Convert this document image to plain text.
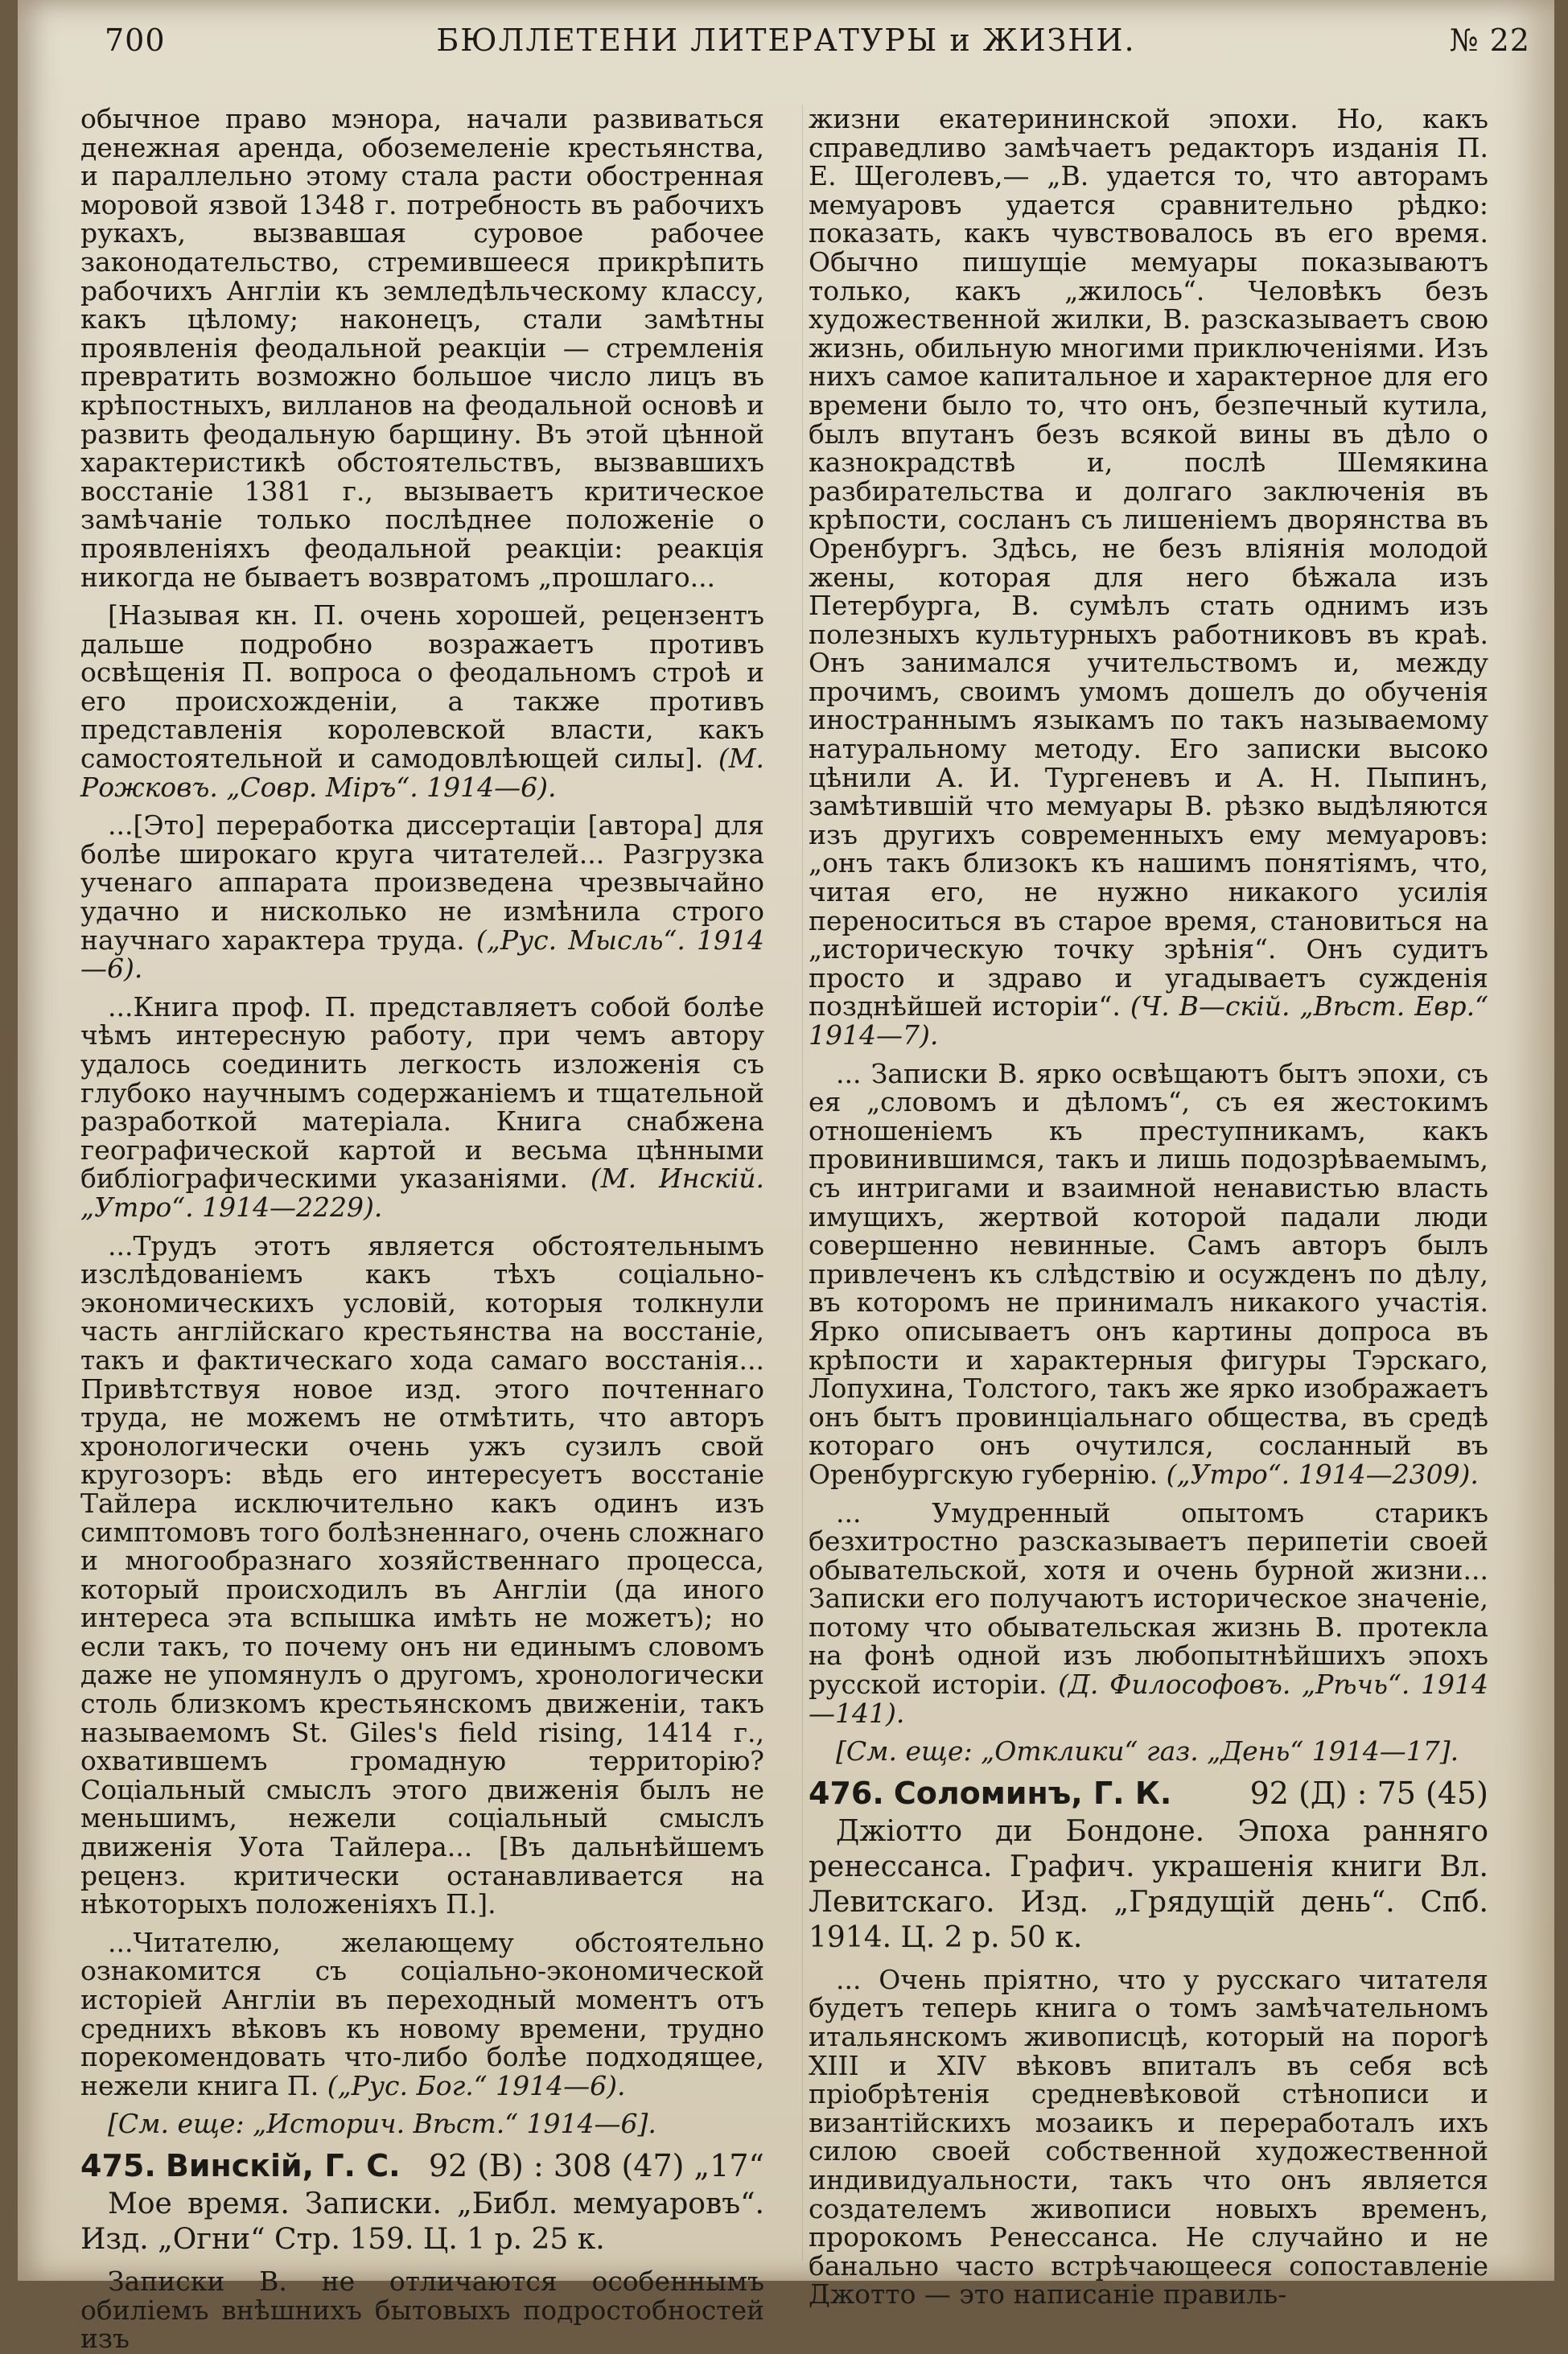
700	БЮЛЛЕТЕНИ ЛИТЕРАТУРЫ и ЖИЗНИ.	№ 22

обычное право мэнора, начали развиваться денежная аренда, обоземеленіе крестьянства, и параллельно этому стала расти обостренная моровой язвой 1348 г. потребность въ рабочихъ рукахъ, вызвавшая суровое рабочее законодательство, стремившееся прикрѣпить рабочихъ Англіи къ земледѣльческому классу, какъ цѣлому; наконецъ, стали замѣтны проявленія феодальной реакціи — стремленія превратить возможно большое число лицъ въ крѣпостныхъ, вилланов на феодальной основѣ и развить феодальную барщину. Въ этой цѣнной характеристикѣ обстоятельствъ, вызвавшихъ восстаніе 1381 г., вызываетъ критическое замѣчаніе только послѣднее положеніе о проявленіяхъ феодальной реакціи: реакція никогда не бываетъ возвратомъ „прошлаго...

[Называя кн. П. очень хорошей, рецензентъ дальше подробно возражаетъ противъ освѣщенія П. вопроса о феодальномъ строѣ и его происхожденіи, а также противъ представленія королевской власти, какъ самостоятельной и самодовлѣющей силы]. (М. Рожковъ. „Совр. Міръ“. 1914—6).

...[Это] переработка диссертаціи [автора] для болѣе широкаго круга читателей... Разгрузка ученаго аппарата произведена чрезвычайно удачно и нисколько не измѣнила строго научнаго характера труда. („Рус. Мысль“. 1914—6).

...Книга проф. П. представляетъ собой болѣе чѣмъ интересную работу, при чемъ автору удалось соединить легкость изложенія съ глубоко научнымъ содержаніемъ и тщательной разработкой матеріала. Книга снабжена географической картой и весьма цѣнными библіографическими указаніями. (М. Инскій. „Утро“. 1914—2229).

...Трудъ этотъ является обстоятельнымъ изслѣдованіемъ какъ тѣхъ соціально-экономическихъ условій, которыя толкнули часть англійскаго крестьянства на восстаніе, такъ и фактическаго хода самаго восстанія... Привѣтствуя новое изд. этого почтеннаго труда, не можемъ не отмѣтить, что авторъ хронологически очень ужъ сузилъ свой кругозоръ: вѣдь его интересуетъ восстаніе Тайлера исключительно какъ одинъ изъ симптомовъ того болѣзненнаго, очень сложнаго и многообразнаго хозяйственнаго процесса, который происходилъ въ Англіи (да иного интереса эта вспышка имѣть не можетъ); но если такъ, то почему онъ ни единымъ словомъ даже не упомянулъ о другомъ, хронологически столь близкомъ крестьянскомъ движеніи, такъ называемомъ St. Giles's field rising, 1414 г., охватившемъ громадную территорію? Соціальный смыслъ этого движенія былъ не меньшимъ, нежели соціальный смыслъ движенія Уота Тайлера... [Въ дальнѣйшемъ реценз. критически останавливается на нѣкоторыхъ положеніяхъ П.].

...Читателю, желающему обстоятельно ознакомится съ соціально-экономической исторіей Англіи въ переходный моментъ отъ среднихъ вѣковъ къ новому времени, трудно порекомендовать что-либо болѣе подходящее, нежели книга П. („Рус. Бог.“ 1914—6).

[См. еще: „Историч. Вѣст.“ 1914—6].

475. Винскій, Г. С. 92 (В) : 308 (47) „17“

Мое время. Записки. „Библ. мемуаровъ“. Изд. „Огни“ Стр. 159. Ц. 1 р. 25 к.

Записки В. не отличаются особеннымъ обиліемъ внѣшнихъ бытовыхъ подростобностей изъ

жизни екатерининской эпохи. Но, какъ справедливо замѣчаетъ редакторъ изданія П. Е. Щеголевъ,— „В. удается то, что авторамъ мемуаровъ удается сравнительно рѣдко: показать, какъ чувствовалось въ его время. Обычно пишущіе мемуары показываютъ только, какъ „жилось“. Человѣкъ безъ художественной жилки, В. разсказываетъ свою жизнь, обильную многими приключеніями. Изъ нихъ самое капитальное и характерное для его времени было то, что онъ, безпечный кутила, былъ впутанъ безъ всякой вины въ дѣло о казнокрадствѣ и, послѣ Шемякина разбирательства и долгаго заключенія въ крѣпости, сосланъ съ лишеніемъ дворянства въ Оренбургъ. Здѣсь, не безъ вліянія молодой жены, которая для него бѣжала изъ Петербурга, В. сумѣлъ стать однимъ изъ полезныхъ культурныхъ работниковъ въ краѣ. Онъ занимался учительствомъ и, между прочимъ, своимъ умомъ дошелъ до обученія иностраннымъ языкамъ по такъ называемому натуральному методу. Его записки высоко цѣнили А. И. Тургеневъ и А. Н. Пыпинъ, замѣтившій что мемуары В. рѣзко выдѣляются изъ другихъ современныхъ ему мемуаровъ: „онъ такъ близокъ къ нашимъ понятіямъ, что, читая его, не нужно никакого усилія переноситься въ старое время, становиться на „историческую точку зрѣнія“. Онъ судитъ просто и здраво и угадываетъ сужденія позднѣйшей исторіи“. (Ч. В—скій. „Вѣст. Евр.“ 1914—7).

... Записки В. ярко освѣщаютъ бытъ эпохи, съ ея „словомъ и дѣломъ“, съ ея жестокимъ отношеніемъ къ преступникамъ, какъ провинившимся, такъ и лишь подозрѣваемымъ, съ интригами и взаимной ненавистью власть имущихъ, жертвой которой падали люди совершенно невинные. Самъ авторъ былъ привлеченъ къ слѣдствію и осужденъ по дѣлу, въ которомъ не принималъ никакого участія. Ярко описываетъ онъ картины допроса въ крѣпости и характерныя фигуры Тэрскаго, Лопухина, Толстого, такъ же ярко изображаетъ онъ бытъ провинціальнаго общества, въ средѣ котораго онъ очутился, сосланный въ Оренбургскую губернію. („Утро“. 1914—2309).

... Умудренный опытомъ старикъ безхитростно разсказываетъ перипетіи своей обывательской, хотя и очень бурной жизни... Записки его получаютъ историческое значеніе, потому что обывательская жизнь В. протекла на фонѣ одной изъ любопытнѣйшихъ эпохъ русской исторіи. (Д. Философовъ. „Рѣчь“. 1914—141).

[См. еще: „Отклики“ газ. „День“ 1914—17].

476. Соломинъ, Г. К.	92 (Д) : 75 (45)

Джіотто ди Бондоне. Эпоха ранняго ренессанса. Графич. украшенія книги Вл. Левитскаго. Изд. „Грядущій день“. Спб. 1914. Ц. 2 р. 50 к.

... Очень пріятно, что у русскаго читателя будетъ теперь книга о томъ замѣчательномъ итальянскомъ живописцѣ, который на порогѣ XIII и XIV вѣковъ впиталъ въ себя всѣ пріобрѣтенія средневѣковой стѣнописи и византійскихъ мозаикъ и переработалъ ихъ силою своей собственной художественной индивидуальности, такъ что онъ является создателемъ живописи новыхъ временъ, пророкомъ Ренессанса. Не случайно и не банально часто встрѣчающееся сопоставленіе Джотто — это написаніе правиль-
